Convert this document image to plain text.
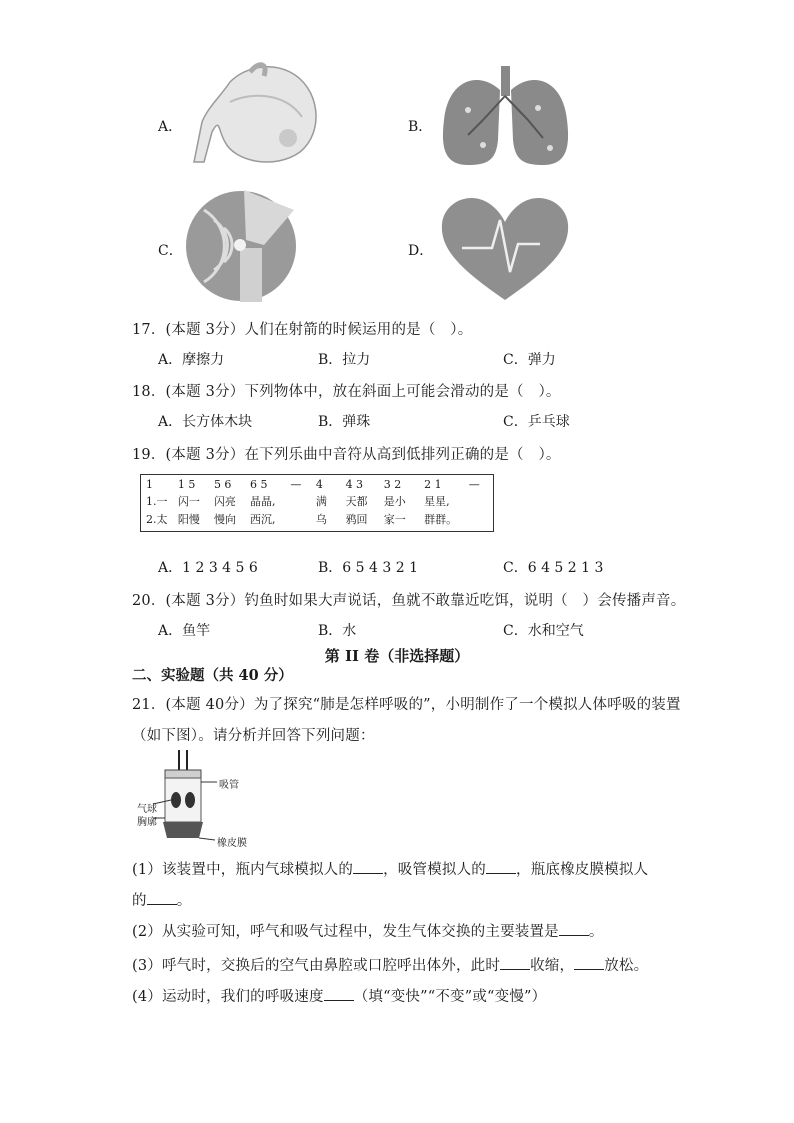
A．	B．
C．	D．
17．(本题 3分）人们在射箭的时候运用的是（　）。
A．摩擦力	B．拉力	C．弹力
18．(本题 3分）下列物体中，放在斜面上可能会滑动的是（　）。
A．长方体木块	B．弹珠	C．乒乓球
19．(本题 3分）在下列乐曲中音符从高到低排列正确的是（　）。
1	1 5	5 6	6 5	—	4	4 3	3 2	2 1	—
1.一	闪一	闪亮	晶晶,		满	天都	是小	星星,	
2.太	阳慢	慢向	西沉,		乌	鸦回	家一	群群。	
A．1 2 3 4 5 6	B．6 5 4 3 2 1	C．6 4 5 2 1 3
20．(本题 3分）钓鱼时如果大声说话，鱼就不敢靠近吃饵，说明（　）会传播声音。
A．鱼竿	B．水	C．水和空气
第 II 卷（非选择题）
二、实验题（共 40 分）
21．(本题 40分）为了探究“肺是怎样呼吸的”，小明制作了一个模拟人体呼吸的装置
（如下图）。请分析并回答下列问题：
吸管
气球
胸廓
橡皮膜
(1）该装置中，瓶内气球模拟人的 ，吸管模拟人的 ，瓶底橡皮膜模拟人
的 。
(2）从实验可知，呼气和吸气过程中，发生气体交换的主要装置是 。
(3）呼气时，交换后的空气由鼻腔或口腔呼出体外，此时 收缩， 放松。
(4）运动时，我们的呼吸速度 （填“变快”“不变”或“变慢”）
